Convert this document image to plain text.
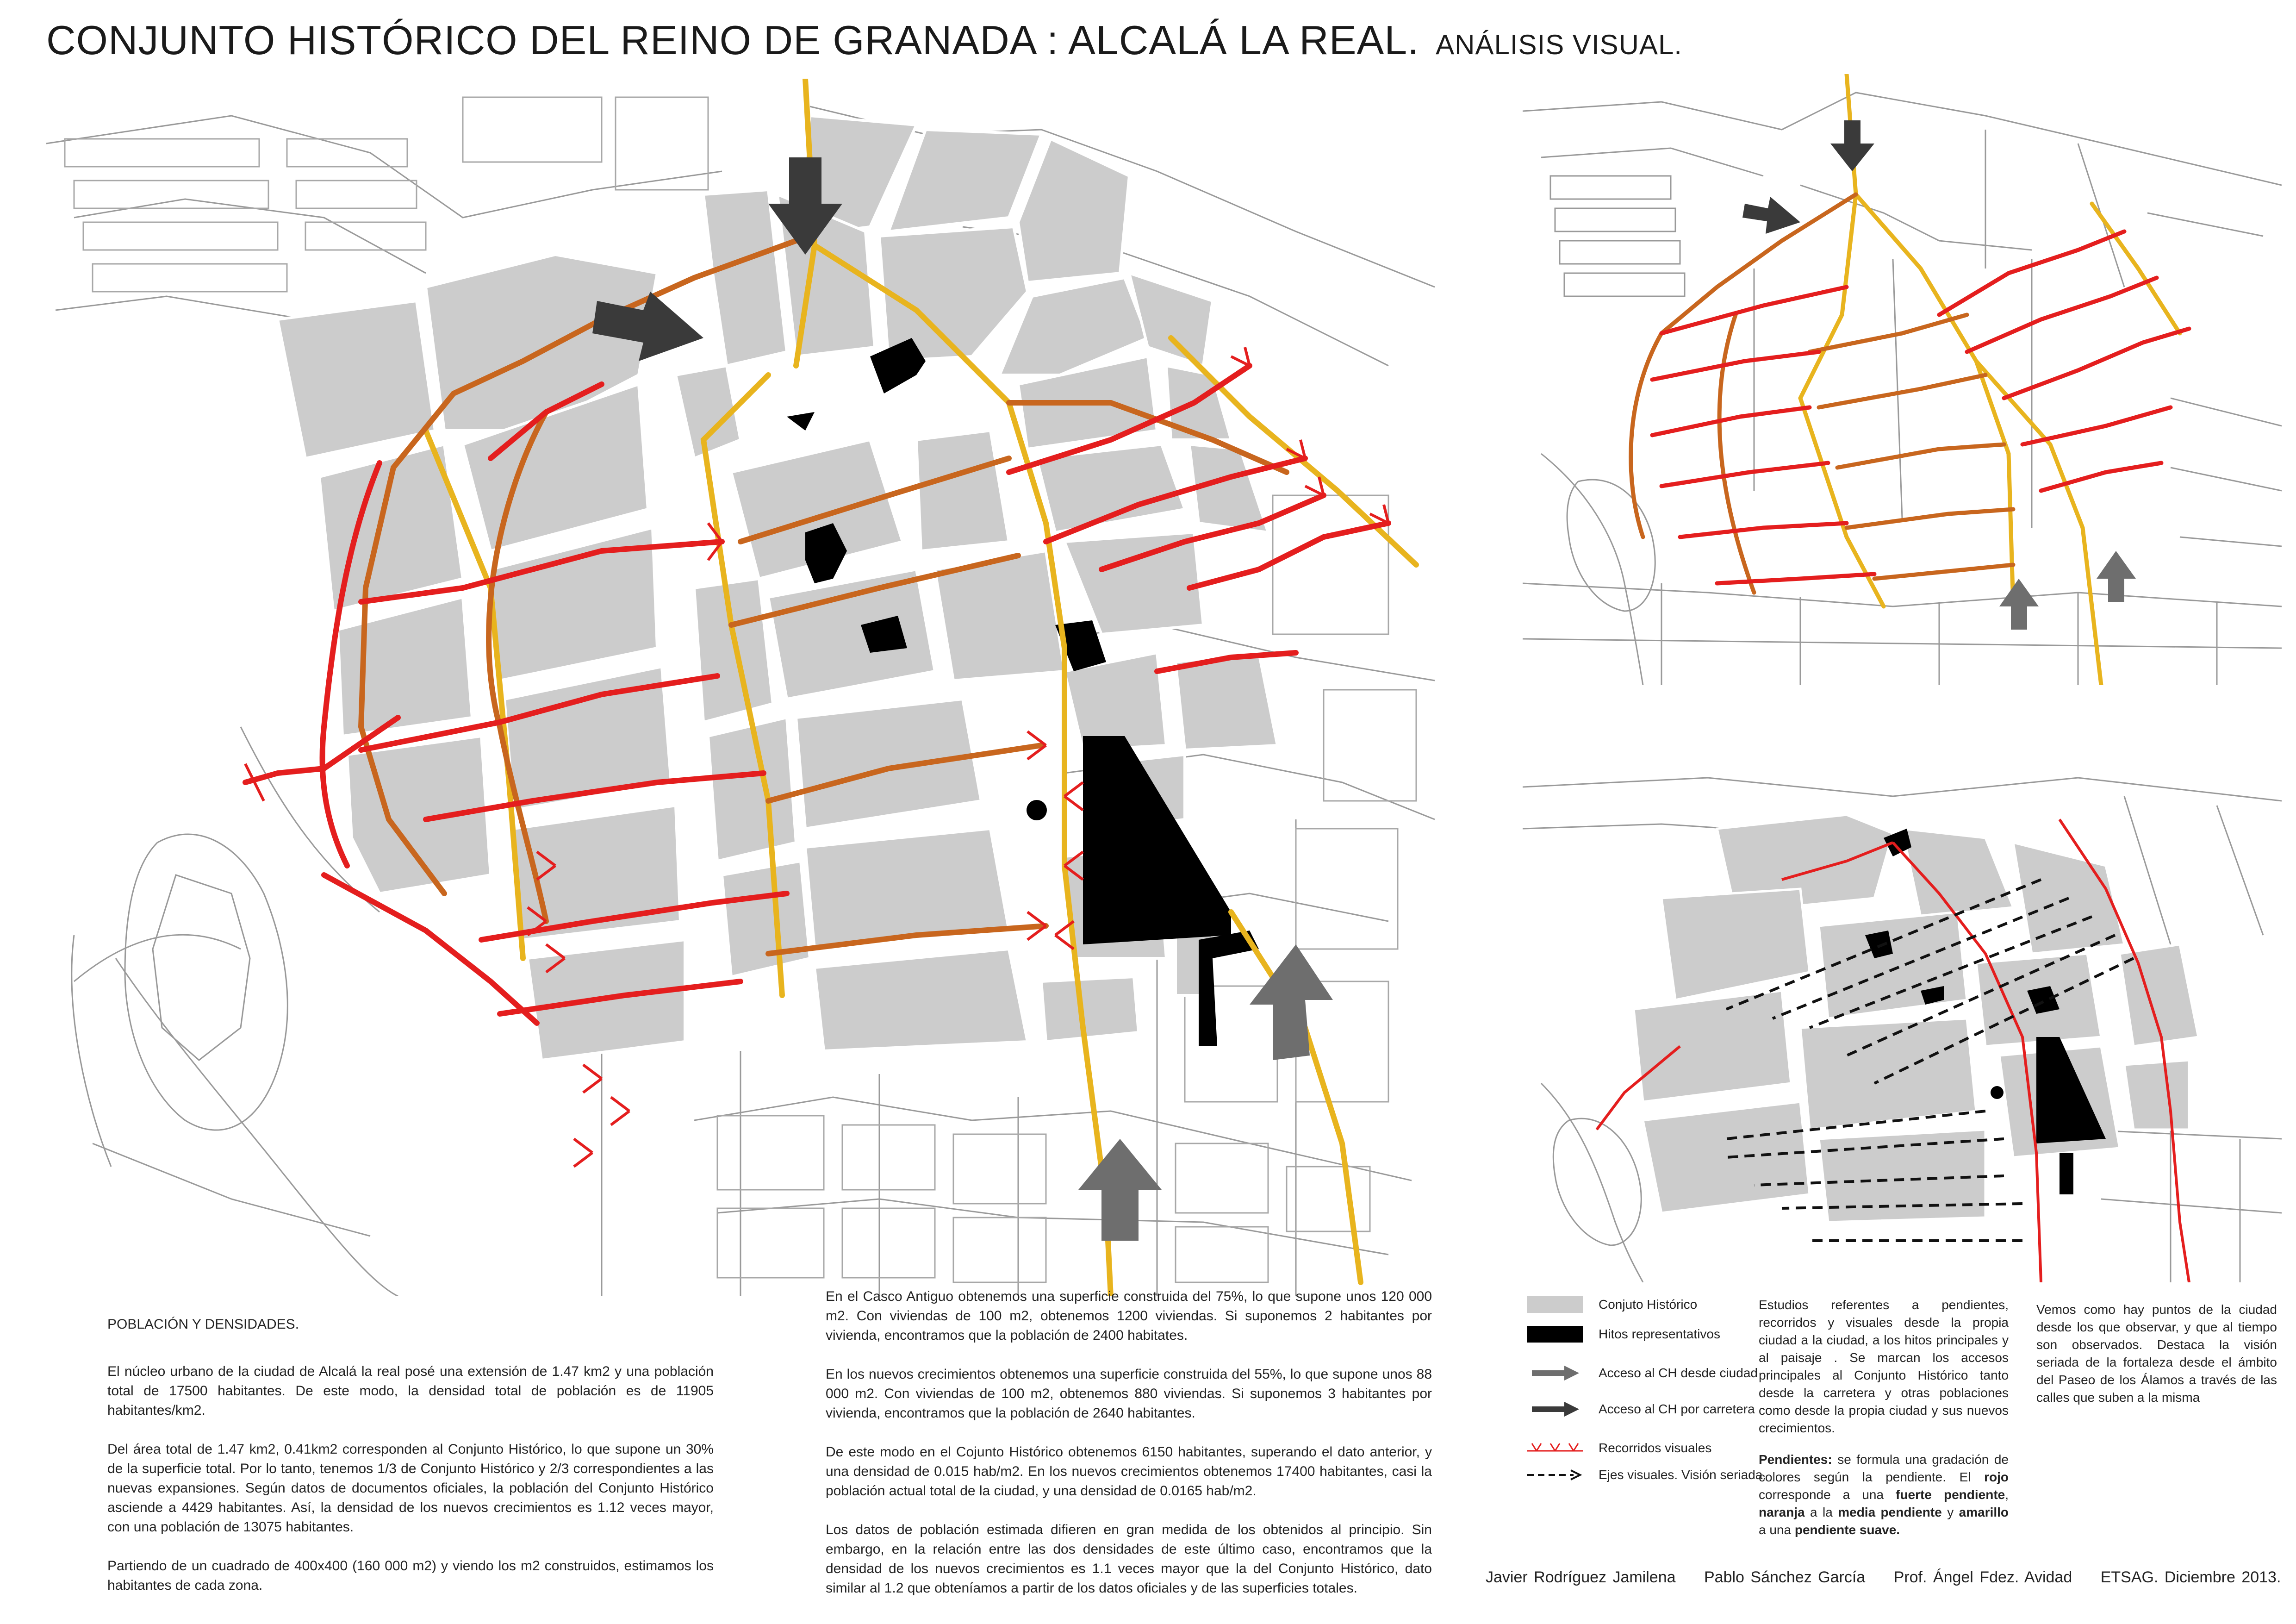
CONJUNTO HISTÓRICO DEL REINO DE GRANADA : ALCALÁ LA REAL. ANÁLISIS VISUAL.
POBLACIÓN Y DENSIDADES.

El núcleo urbano de la ciudad de Alcalá la real posé una extensión de 1.47 km2 y una población total de 17500 habitantes. De este modo, la densidad total de población es de 11905 habitantes/km2.

Del área total de 1.47 km2, 0.41km2 corresponden al Conjunto Histórico, lo que supone un 30% de la superficie total. Por lo tanto, tenemos 1/3 de Conjunto Histórico y 2/3 correspondientes a las nuevas expansiones. Según datos de documentos oficiales, la población del Conjunto Histórico asciende a 4429 habitantes. Así, la densidad de los nuevos crecimientos es 1.12 veces mayor, con una población de 13075 habitantes.

Partiendo de un cuadrado de 400x400 (160 000 m2) y viendo los m2 construidos, estimamos los habitantes de cada zona.

En el Casco Antiguo obtenemos una superficie construida del 75%, lo que supone unos 120 000 m2. Con viviendas de 100 m2, obtenemos 1200 viviendas. Si suponemos 2 habitantes por vivienda, encontramos que la población de 2400 habitates.

En los nuevos crecimientos obtenemos una superficie construida del 55%, lo que supone unos 88 000 m2. Con viviendas de 100 m2, obtenemos 880 viviendas. Si suponemos 3 habitantes por vivienda, encontramos que la población de 2640 habitantes.

De este modo en el Cojunto Histórico obtenemos 6150 habitantes, superando el dato anterior, y una densidad de 0.015 hab/m2. En los nuevos crecimientos obtenemos 17400 habitantes, casi la población actual total de la ciudad, y una densidad de 0.0165 hab/m2.

Los datos de población estimada difieren en gran medida de los obtenidos al principio. Sin embargo, en la relación entre las dos densidades de este último caso, encontramos que la densidad de los nuevos crecimientos es 1.1 veces mayor que la del Conjunto Histórico, dato similar al 1.2 que obteníamos a partir de los datos oficiales y de las superficies totales.

Conjuto Histórico
Hitos representativos
Acceso al CH desde ciudad
Acceso al CH por carretera
Recorridos visuales
Ejes visuales. Visión seriada.
Estudios referentes a pendientes, recorridos y visuales desde la propia ciudad a la ciudad, a los hitos principales y al paisaje . Se marcan los accesos principales al Conjunto Histórico tanto desde la carretera y otras poblaciones como desde la propia ciudad y sus nuevos crecimientos.
Pendientes: se formula una gradación de colores según la pendiente. El rojo corresponde a una fuerte pendiente, naranja a la media pendiente y amarillo a una pendiente suave.
Vemos como hay puntos de la ciudad desde los que observar, y que al tiempo son observados. Destaca la visión seriada de la fortaleza desde el ámbito del Paseo de los Álamos a través de las calles que suben a la misma
Javier Rodríguez Jamilena Pablo Sánchez García Prof. Ángel Fdez. Avidad ETSAG. Diciembre 2013.
